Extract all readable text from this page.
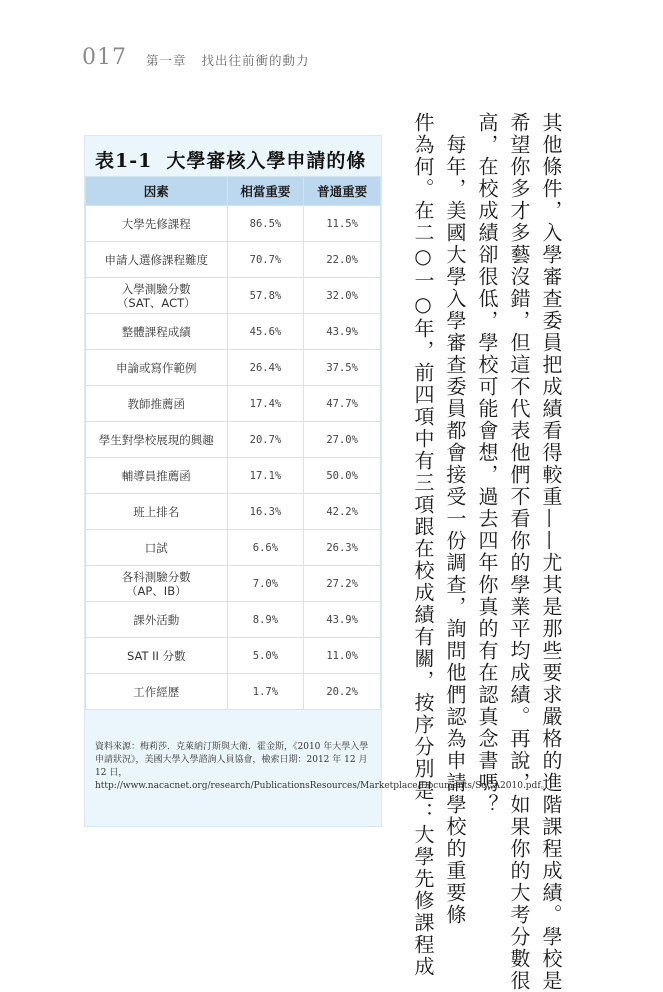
017 第一章 找出往前衝的動力
表1-1 大學審核入學申請的條
因素	相當重要	普通重要

大學先修課程	86.5%	11.5%

申請人選修課程難度	70.7%	22.0%

入學測驗分數
（SAT、ACT）	57.8%	32.0%

整體課程成績	45.6%	43.9%

申論或寫作範例	26.4%	37.5%

教師推薦函	17.4%	47.7%

學生對學校展現的興趣	20.7%	27.0%

輔導員推薦函	17.1%	50.0%

班上排名	16.3%	42.2%

口試	6.6%	26.3%

各科測驗分數
（AP、IB）	7.0%	27.2%

課外活動	8.9%	43.9%

SAT II 分數	5.0%	11.0%

工作經歷	1.7%	20.2%
資料來源：梅莉莎．克萊納汀斯與大衛．霍金斯，《2010 年大學入學申請狀況》，美國大學入學諮詢人員協會，檢索日期：2012 年 12 月 12 日，http://www.nacacnet.org/research/PublicationsResources/Marketplace/Documents/SoCA2010.pdf。
其他條件，入學審查委員把成績看得較重——尤其是那些要求嚴格的進階課程成績。學校是
希望你多才多藝沒錯，但這不代表他們不看你的學業平均成績。再說，如果你的大考分數很
高，在校成績卻很低，學校可能會想，過去四年你真的有在認真念書嗎？
　每年，美國大學入學審查委員都會接受一份調查，詢問他們認為申請學校的重要條
件為何。在二○一○年，前四項中有三項跟在校成績有關，按序分別是：大學先修課程成
